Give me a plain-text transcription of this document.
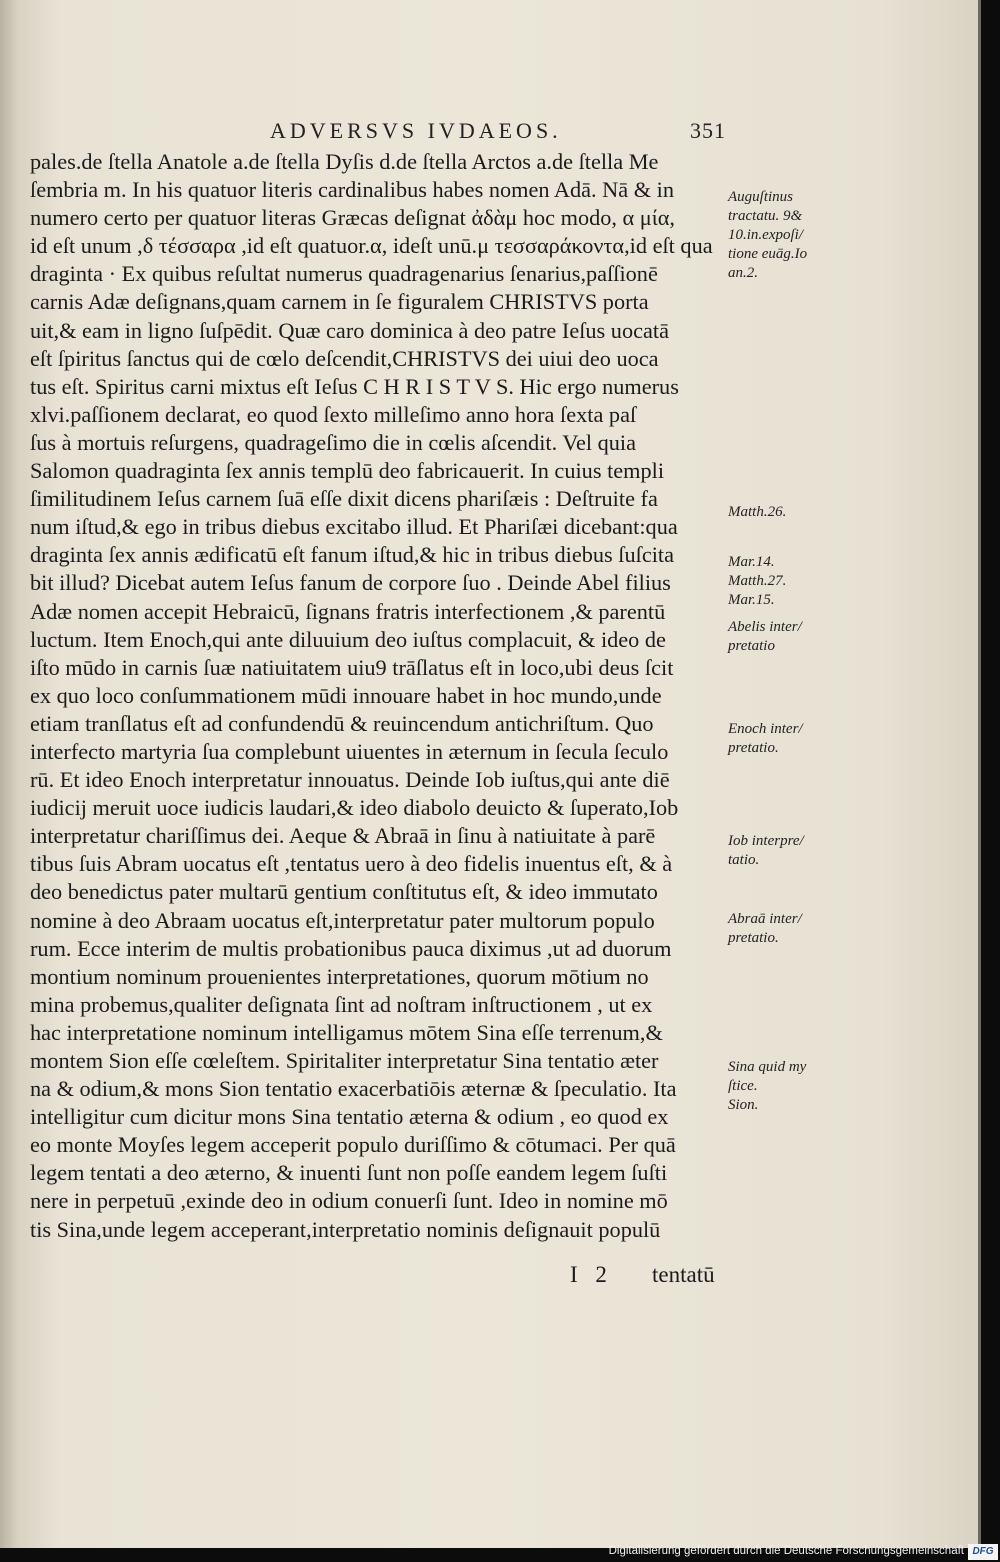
ADVERSVS IVDAEOS.	351
pales.de ſtella Anatole a.de ſtella Dyſis d.de ſtella Arctos a.de ſtella Me
ſembria m. In his quatuor literis cardinalibus habes nomen Adā. Nā & in
numero certo per quatuor literas Græcas deſignat ἀδὰμ hoc modo, α μία,
id eſt unum ,δ τέσσαρα ,id eſt quatuor.α, ideſt unū.μ τεσσαράκοντα,id eſt qua
draginta · Ex quibus reſultat numerus quadragenarius ſenarius,paſſionē
carnis Adæ deſignans,quam carnem in ſe figuralem CHRISTVS porta
uit,& eam in ligno ſuſpēdit. Quæ caro dominica à deo patre Ieſus uocatā
eſt ſpiritus ſanctus qui de cœlo deſcendit,CHRISTVS dei uiui deo uoca
tus eſt. Spiritus carni mixtus eſt Ieſus C H R I S T V S. Hic ergo numerus
xlvi.paſſionem declarat, eo quod ſexto milleſimo anno hora ſexta paſ
ſus à mortuis reſurgens, quadrageſimo die in cœlis aſcendit. Vel quia
Salomon quadraginta ſex annis templū deo fabricauerit. In cuius templi
ſimilitudinem Ieſus carnem ſuā eſſe dixit dicens phariſæis : Deſtruite fa
num iſtud,& ego in tribus diebus excitabo illud. Et Phariſæi dicebant:qua
draginta ſex annis ædificatū eſt fanum iſtud,& hic in tribus diebus ſuſcita
bit illud? Dicebat autem Ieſus fanum de corpore ſuo . Deinde Abel filius
Adæ nomen accepit Hebraicū, ſignans fratris interfectionem ,& parentū
luctum. Item Enoch,qui ante diluuium deo iuſtus complacuit, & ideo de
iſto mūdo in carnis ſuæ natiuitatem uiu9 trāſlatus eſt in loco,ubi deus ſcit
ex quo loco conſummationem mūdi innouare habet in hoc mundo,unde
etiam tranſlatus eſt ad confundendū & reuincendum antichriſtum. Quo
interfecto martyria ſua complebunt uiuentes in æternum in ſecula ſeculo
rū. Et ideo Enoch interpretatur innouatus. Deinde Iob iuſtus,qui ante diē
iudicij meruit uoce iudicis laudari,& ideo diabolo deuicto & ſuperato,Iob
interpretatur chariſſimus dei. Aeque & Abraā in ſinu à natiuitate à parē
tibus ſuis Abram uocatus eſt ,tentatus uero à deo fidelis inuentus eſt, & à
deo benedictus pater multarū gentium conſtitutus eſt, & ideo immutato
nomine à deo Abraam uocatus eſt,interpretatur pater multorum populo
rum. Ecce interim de multis probationibus pauca diximus ,ut ad duorum
montium nominum prouenientes interpretationes, quorum mōtium no
mina probemus,qualiter deſignata ſint ad noſtram inſtructionem , ut ex
hac interpretatione nominum intelligamus mōtem Sina eſſe terrenum,&
montem Sion eſſe cœleſtem. Spiritaliter interpretatur Sina tentatio æter
na & odium,& mons Sion tentatio exacerbatiōis æternæ & ſpeculatio. Ita
intelligitur cum dicitur mons Sina tentatio æterna & odium , eo quod ex
eo monte Moyſes legem acceperit populo duriſſimo & cōtumaci. Per quā
legem tentati a deo æterno, & inuenti ſunt non poſſe eandem legem ſuſti
nere in perpetuū ,exinde deo in odium conuerſi ſunt. Ideo in nomine mō
tis Sina,unde legem acceperant,interpretatio nominis deſignauit populū
Auguſtinus
tractatu. 9&
10.in.expoſi/
tione euāg.Io
an.2.
Matth.26.
Mar.14.
Matth.27.
Mar.15.
Abelis inter/
pretatio
Enoch inter/
pretatio.
Iob interpre/
tatio.
Abraā inter/
pretatio.
Sina quid my
ſtice.
Sion.
I 2 tentatū
Digitalisierung gefördert durch die Deutsche Forschungsgemeinschaft DFG
